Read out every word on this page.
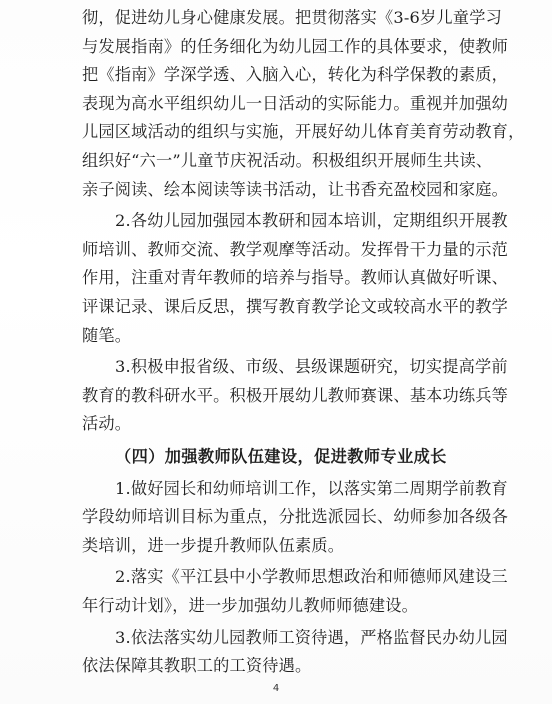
彻，促进幼儿身心健康发展。把贯彻落实《3-6岁儿童学习
与发展指南》的任务细化为幼儿园工作的具体要求，使教师
把《指南》学深学透、入脑入心，转化为科学保教的素质，
表现为高水平组织幼儿一日活动的实际能力。重视并加强幼
儿园区域活动的组织与实施，开展好幼儿体育美育劳动教育，
组织好“六一”儿童节庆祝活动。积极组织开展师生共读、
亲子阅读、绘本阅读等读书活动，让书香充盈校园和家庭。
2.各幼儿园加强园本教研和园本培训，定期组织开展教
师培训、教师交流、教学观摩等活动。发挥骨干力量的示范
作用，注重对青年教师的培养与指导。教师认真做好听课、
评课记录、课后反思，撰写教育教学论文或较高水平的教学
随笔。
3.积极申报省级、市级、县级课题研究，切实提高学前
教育的教科研水平。积极开展幼儿教师赛课、基本功练兵等
活动。
（四）加强教师队伍建设，促进教师专业成长
1.做好园长和幼师培训工作，以落实第二周期学前教育
学段幼师培训目标为重点，分批选派园长、幼师参加各级各
类培训，进一步提升教师队伍素质。
2.落实《平江县中小学教师思想政治和师德师风建设三
年行动计划》，进一步加强幼儿教师师德建设。
3.依法落实幼儿园教师工资待遇，严格监督民办幼儿园
依法保障其教职工的工资待遇。
4
